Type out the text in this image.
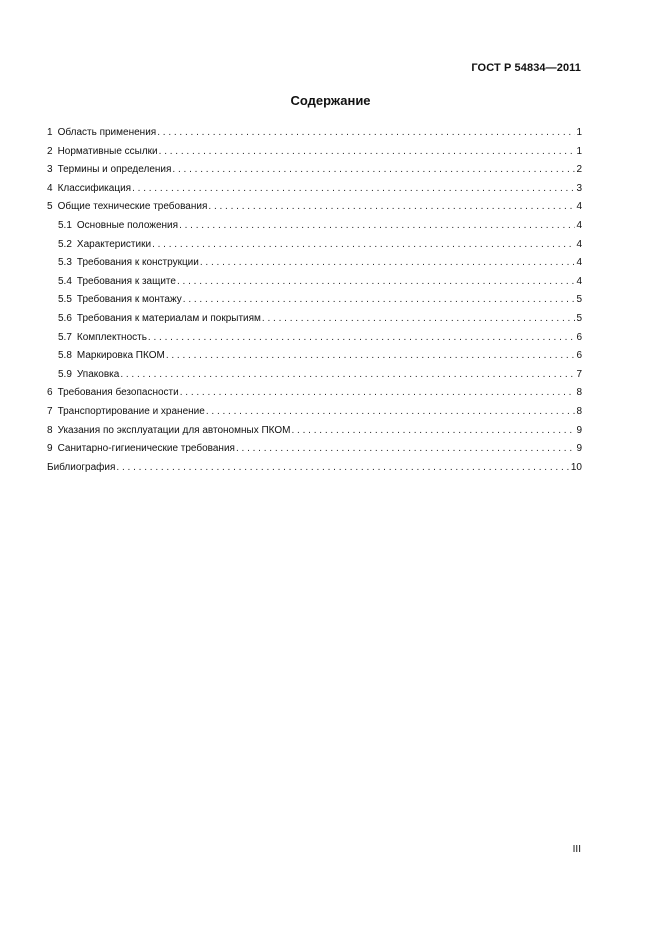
ГОСТ Р 54834—2011
Содержание
1 Область применения . . .	1
2 Нормативные ссылки . . .	1
3 Термины и определения . . .	2
4 Классификация . . .	3
5 Общие технические требования . . .	4
5.1 Основные положения . . .	4
5.2 Характеристики . . .	4
5.3 Требования к конструкции . . .	4
5.4 Требования к защите . . .	4
5.5 Требования к монтажу . . .	5
5.6 Требования к материалам и покрытиям . . .	5
5.7 Комплектность . . .	6
5.8 Маркировка ПКОМ . . .	6
5.9 Упаковка . . .	7
6 Требования безопасности . . .	8
7 Транспортирование и хранение . . .	8
8 Указания по эксплуатации для автономных ПКОМ . . .	9
9 Санитарно-гигиенические требования . . .	9
Библиография . . .	10
III
